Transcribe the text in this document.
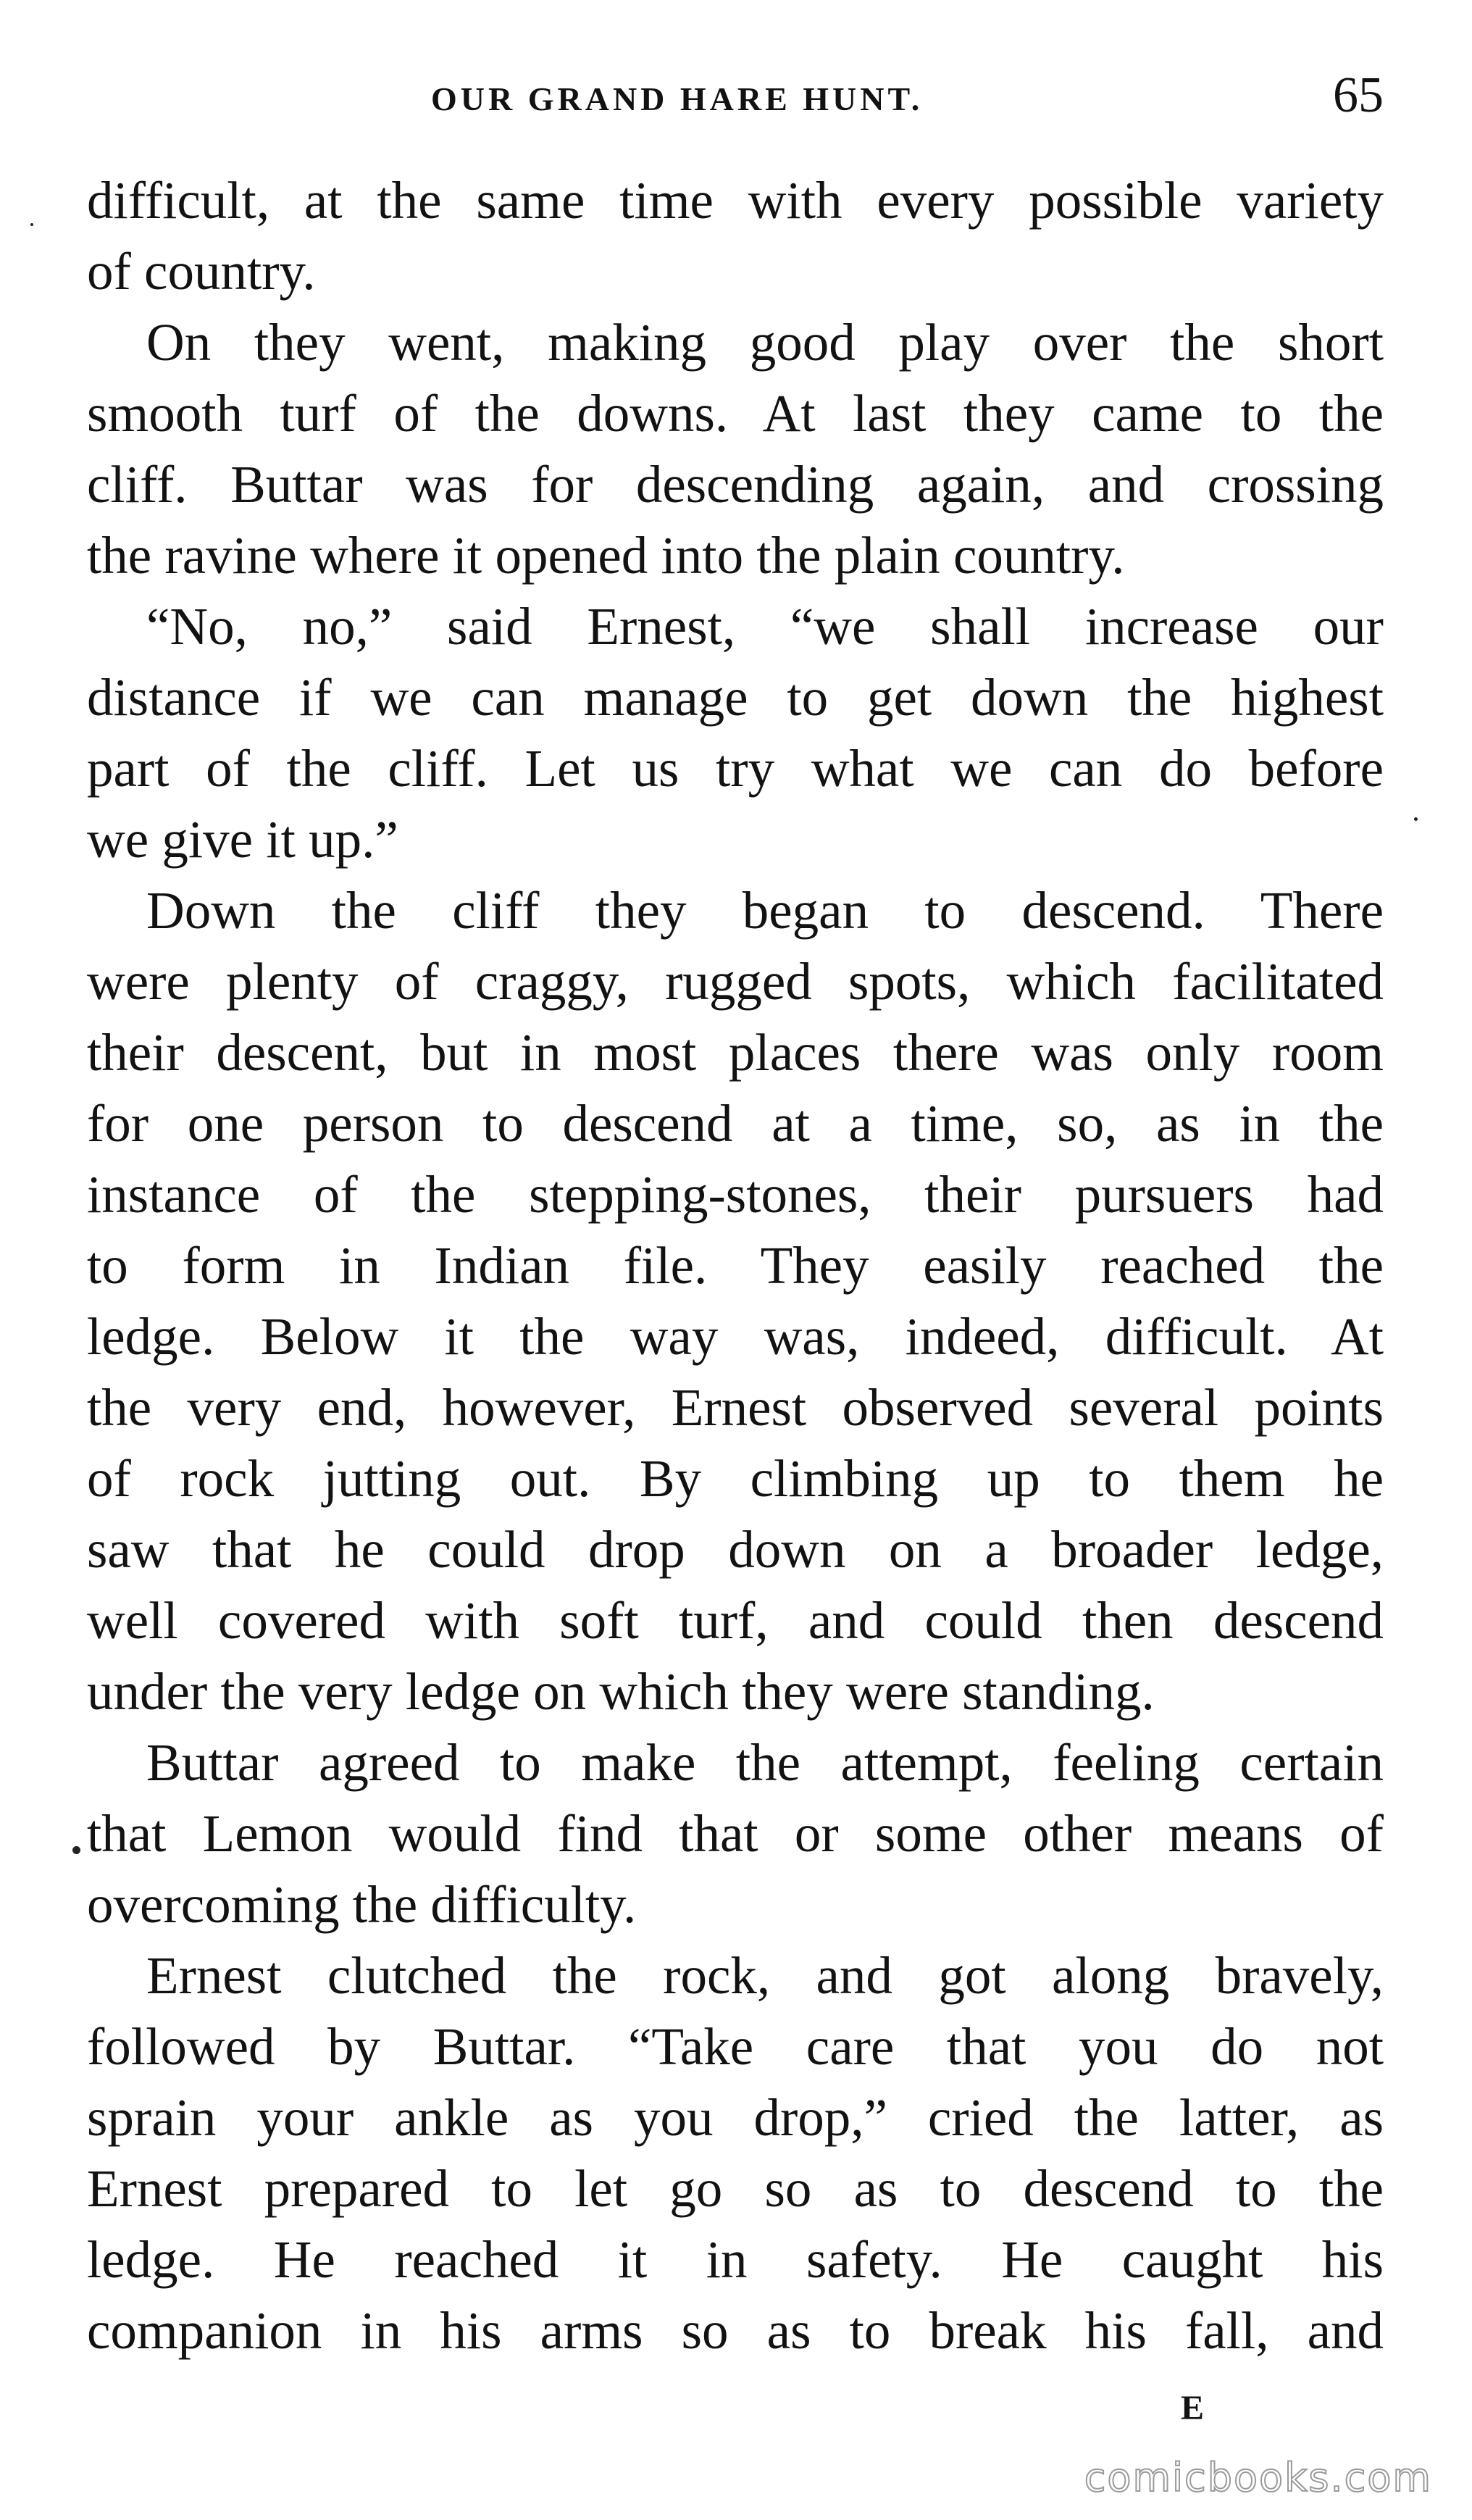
OUR GRAND HARE HUNT.	65
difficult, at the same time with every possible variety
of country.
On they went, making good play over the short
smooth turf of the downs. At last they came to the
cliff. Buttar was for descending again, and crossing
the ravine where it opened into the plain country.
“No, no,” said Ernest, “we shall increase our
distance if we can manage to get down the highest
part of the cliff. Let us try what we can do before
we give it up.”
Down the cliff they began to descend. There
were plenty of craggy, rugged spots, which facilitated
their descent, but in most places there was only room
for one person to descend at a time, so, as in the
instance of the stepping-stones, their pursuers had
to form in Indian file. They easily reached the
ledge. Below it the way was, indeed, difficult. At
the very end, however, Ernest observed several points
of rock jutting out. By climbing up to them he
saw that he could drop down on a broader ledge,
well covered with soft turf, and could then descend
under the very ledge on which they were standing.
Buttar agreed to make the attempt, feeling certain
that Lemon would find that or some other means of
overcoming the difficulty.
Ernest clutched the rock, and got along bravely,
followed by Buttar. “Take care that you do not
sprain your ankle as you drop,” cried the latter, as
Ernest prepared to let go so as to descend to the
ledge. He reached it in safety. He caught his
companion in his arms so as to break his fall, and
E
comicbooks.com
